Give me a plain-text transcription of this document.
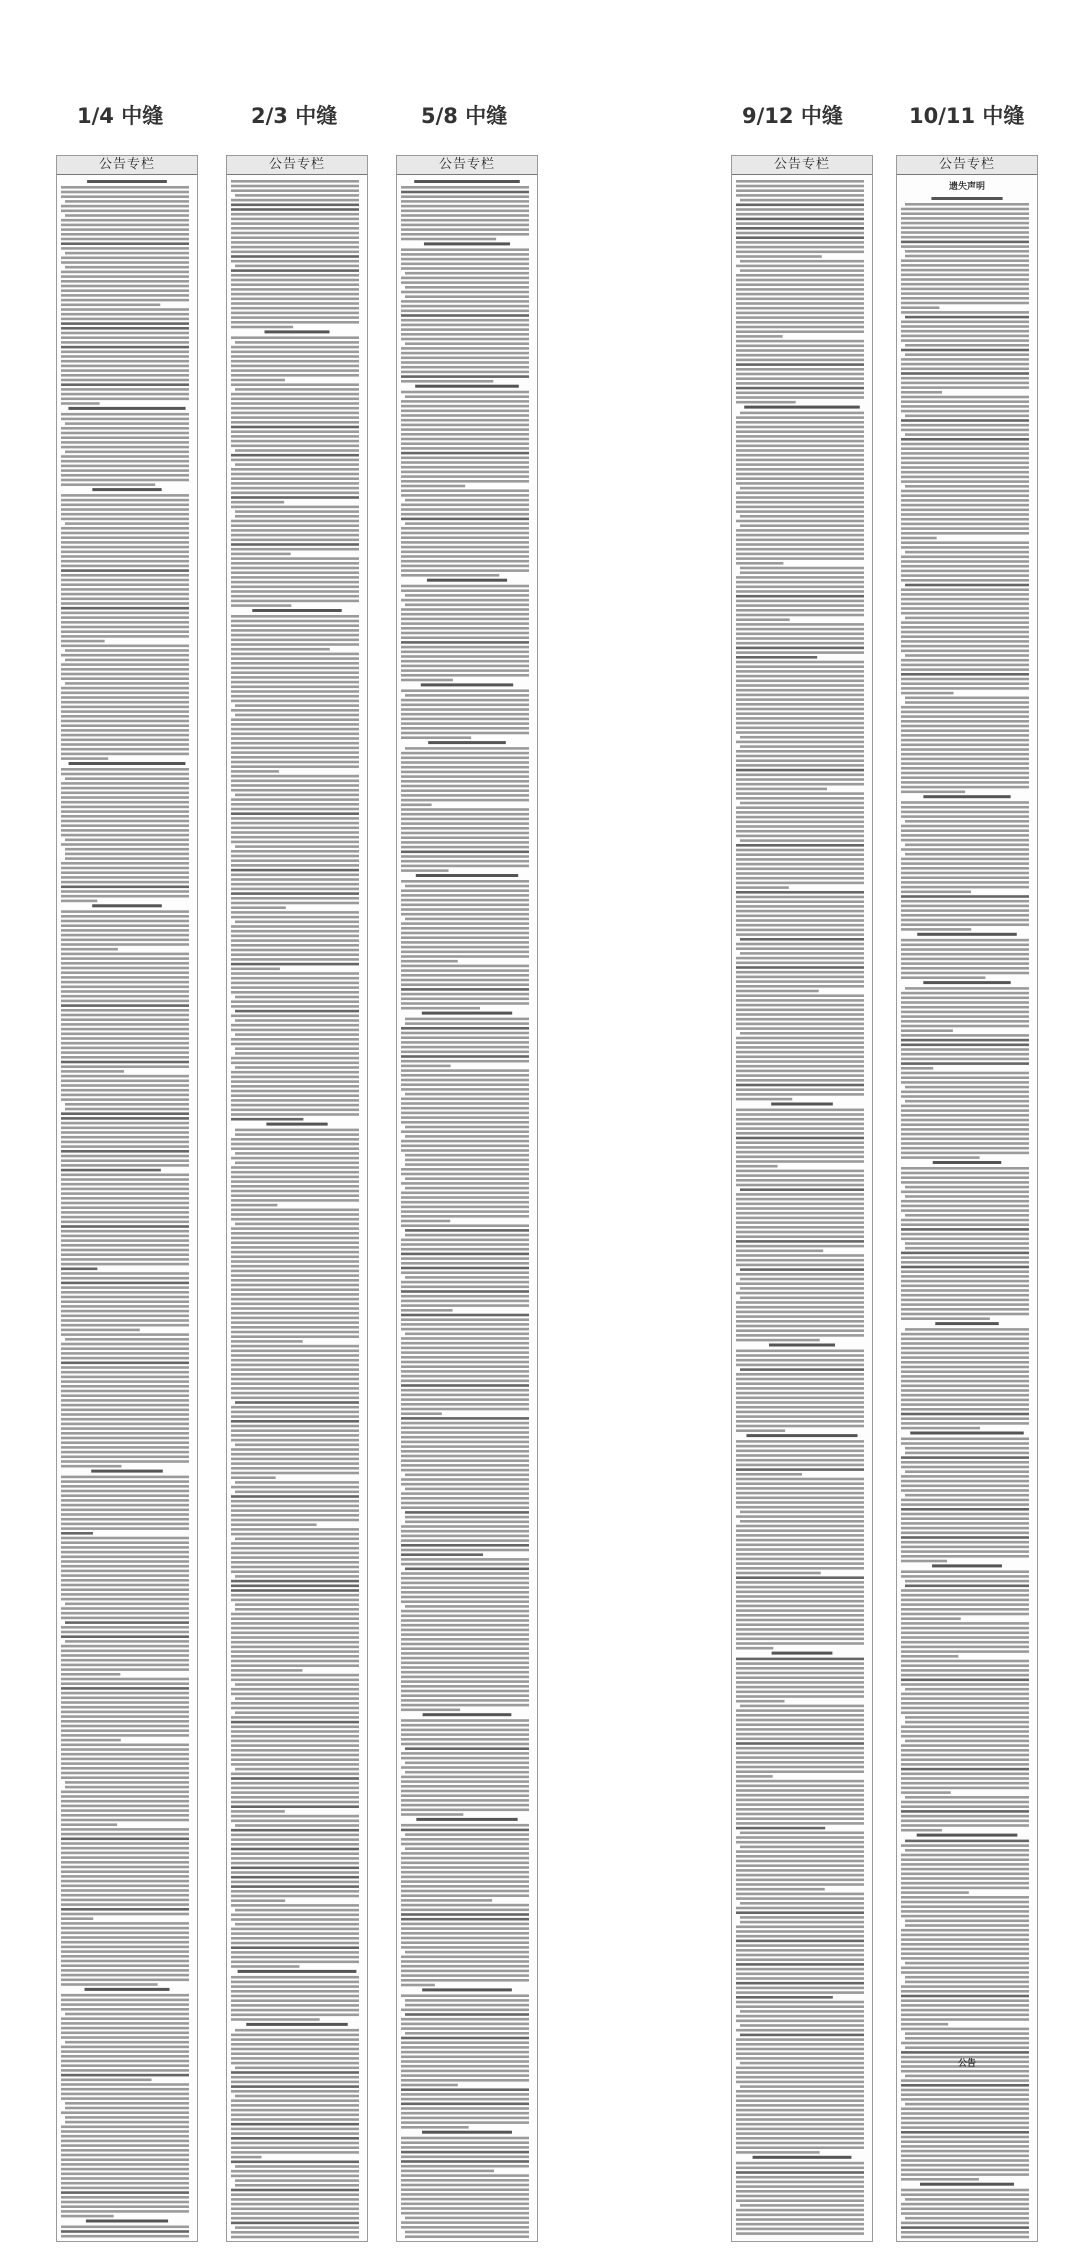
1/4 中缝	2/3 中缝	5/8 中缝	9/12 中缝	10/11 中缝
公告专栏	公告专栏	公告专栏	公告专栏	公告专栏
遗失声明
公告
